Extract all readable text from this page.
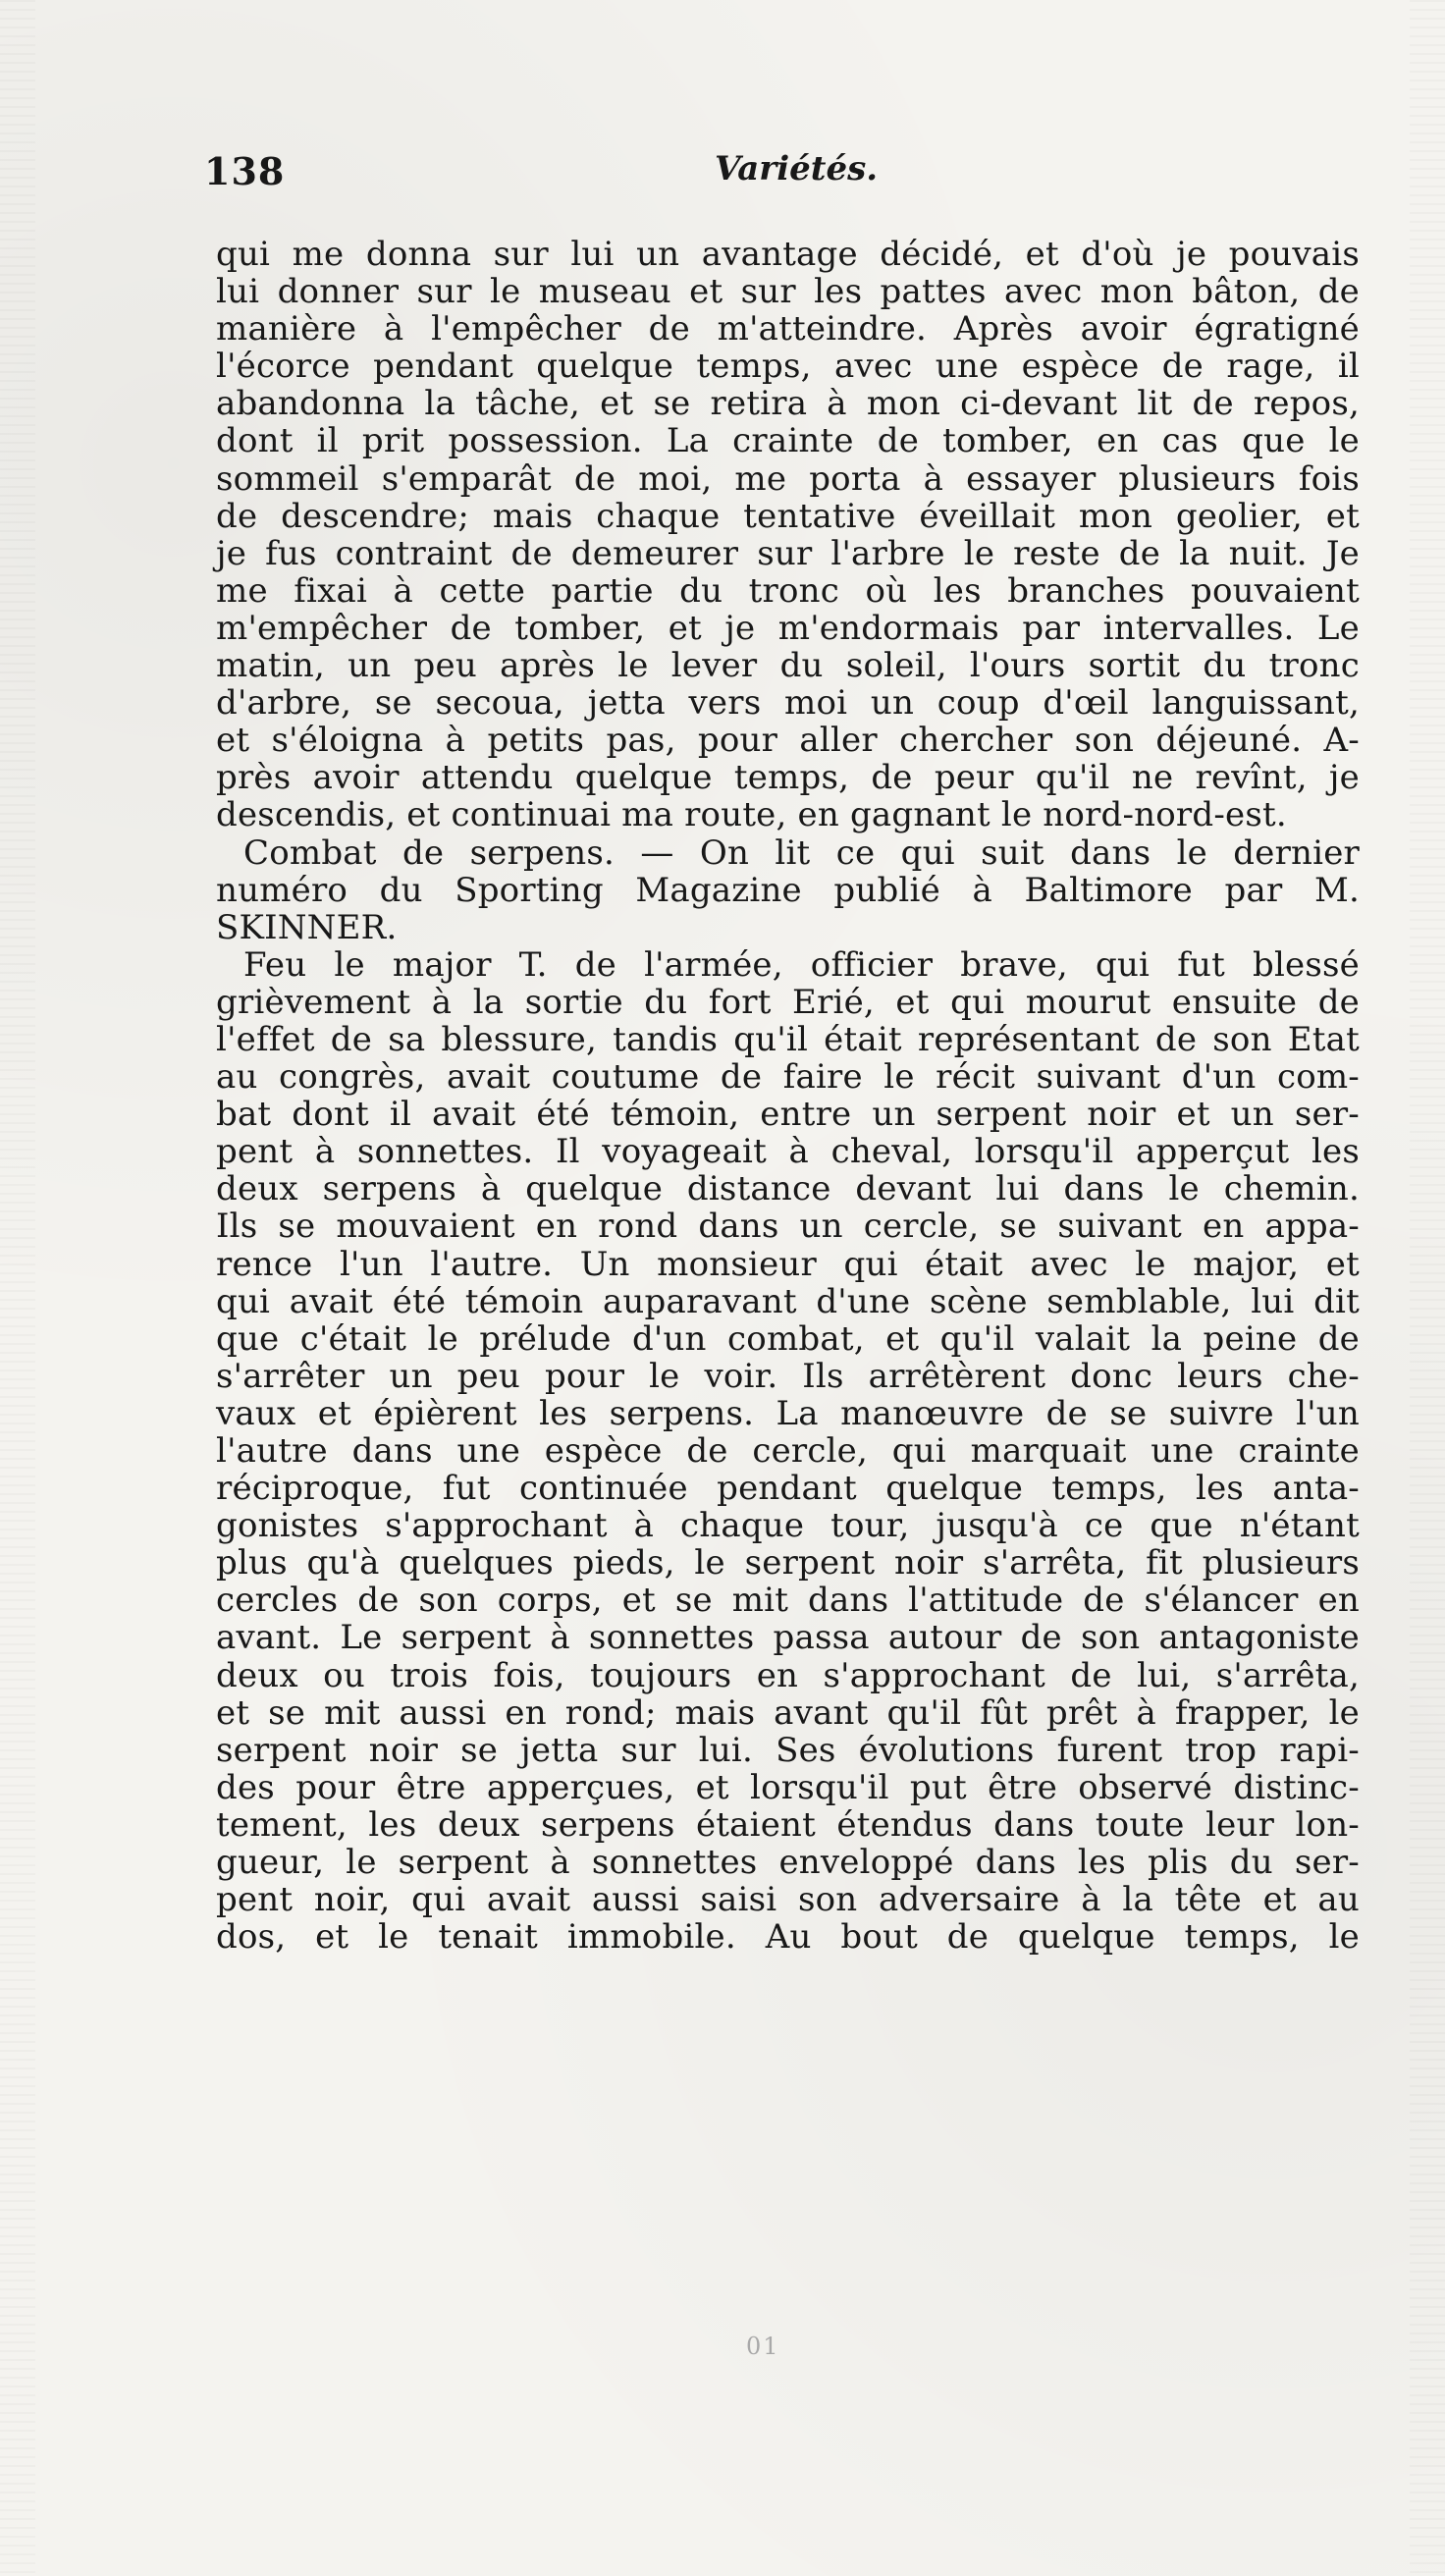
138	Variétés.
qui me donna sur lui un avantage décidé, et d'où je pouvais
lui donner sur le museau et sur les pattes avec mon bâton, de
manière à l'empêcher de m'atteindre. Après avoir égratigné
l'écorce pendant quelque temps, avec une espèce de rage, il
abandonna la tâche, et se retira à mon ci-devant lit de repos,
dont il prit possession. La crainte de tomber, en cas que le
sommeil s'emparât de moi, me porta à essayer plusieurs fois
de descendre; mais chaque tentative éveillait mon geolier, et
je fus contraint de demeurer sur l'arbre le reste de la nuit. Je
me fixai à cette partie du tronc où les branches pouvaient
m'empêcher de tomber, et je m'endormais par intervalles. Le
matin, un peu après le lever du soleil, l'ours sortit du tronc
d'arbre, se secoua, jetta vers moi un coup d'œil languissant,
et s'éloigna à petits pas, pour aller chercher son déjeuné. A-
près avoir attendu quelque temps, de peur qu'il ne revînt, je
descendis, et continuai ma route, en gagnant le nord-nord-est.
Combat de serpens. — On lit ce qui suit dans le dernier
numéro du Sporting Magazine publié à Baltimore par M.
SKINNER.
Feu le major T. de l'armée, officier brave, qui fut blessé
grièvement à la sortie du fort Erié, et qui mourut ensuite de
l'effet de sa blessure, tandis qu'il était représentant de son Etat
au congrès, avait coutume de faire le récit suivant d'un com-
bat dont il avait été témoin, entre un serpent noir et un ser-
pent à sonnettes. Il voyageait à cheval, lorsqu'il apperçut les
deux serpens à quelque distance devant lui dans le chemin.
Ils se mouvaient en rond dans un cercle, se suivant en appa-
rence l'un l'autre. Un monsieur qui était avec le major, et
qui avait été témoin auparavant d'une scène semblable, lui dit
que c'était le prélude d'un combat, et qu'il valait la peine de
s'arrêter un peu pour le voir. Ils arrêtèrent donc leurs che-
vaux et épièrent les serpens. La manœuvre de se suivre l'un
l'autre dans une espèce de cercle, qui marquait une crainte
réciproque, fut continuée pendant quelque temps, les anta-
gonistes s'approchant à chaque tour, jusqu'à ce que n'étant
plus qu'à quelques pieds, le serpent noir s'arrêta, fit plusieurs
cercles de son corps, et se mit dans l'attitude de s'élancer en
avant. Le serpent à sonnettes passa autour de son antagoniste
deux ou trois fois, toujours en s'approchant de lui, s'arrêta,
et se mit aussi en rond; mais avant qu'il fût prêt à frapper, le
serpent noir se jetta sur lui. Ses évolutions furent trop rapi-
des pour être apperçues, et lorsqu'il put être observé distinc-
tement, les deux serpens étaient étendus dans toute leur lon-
gueur, le serpent à sonnettes enveloppé dans les plis du ser-
pent noir, qui avait aussi saisi son adversaire à la tête et au
dos, et le tenait immobile. Au bout de quelque temps, le
01
